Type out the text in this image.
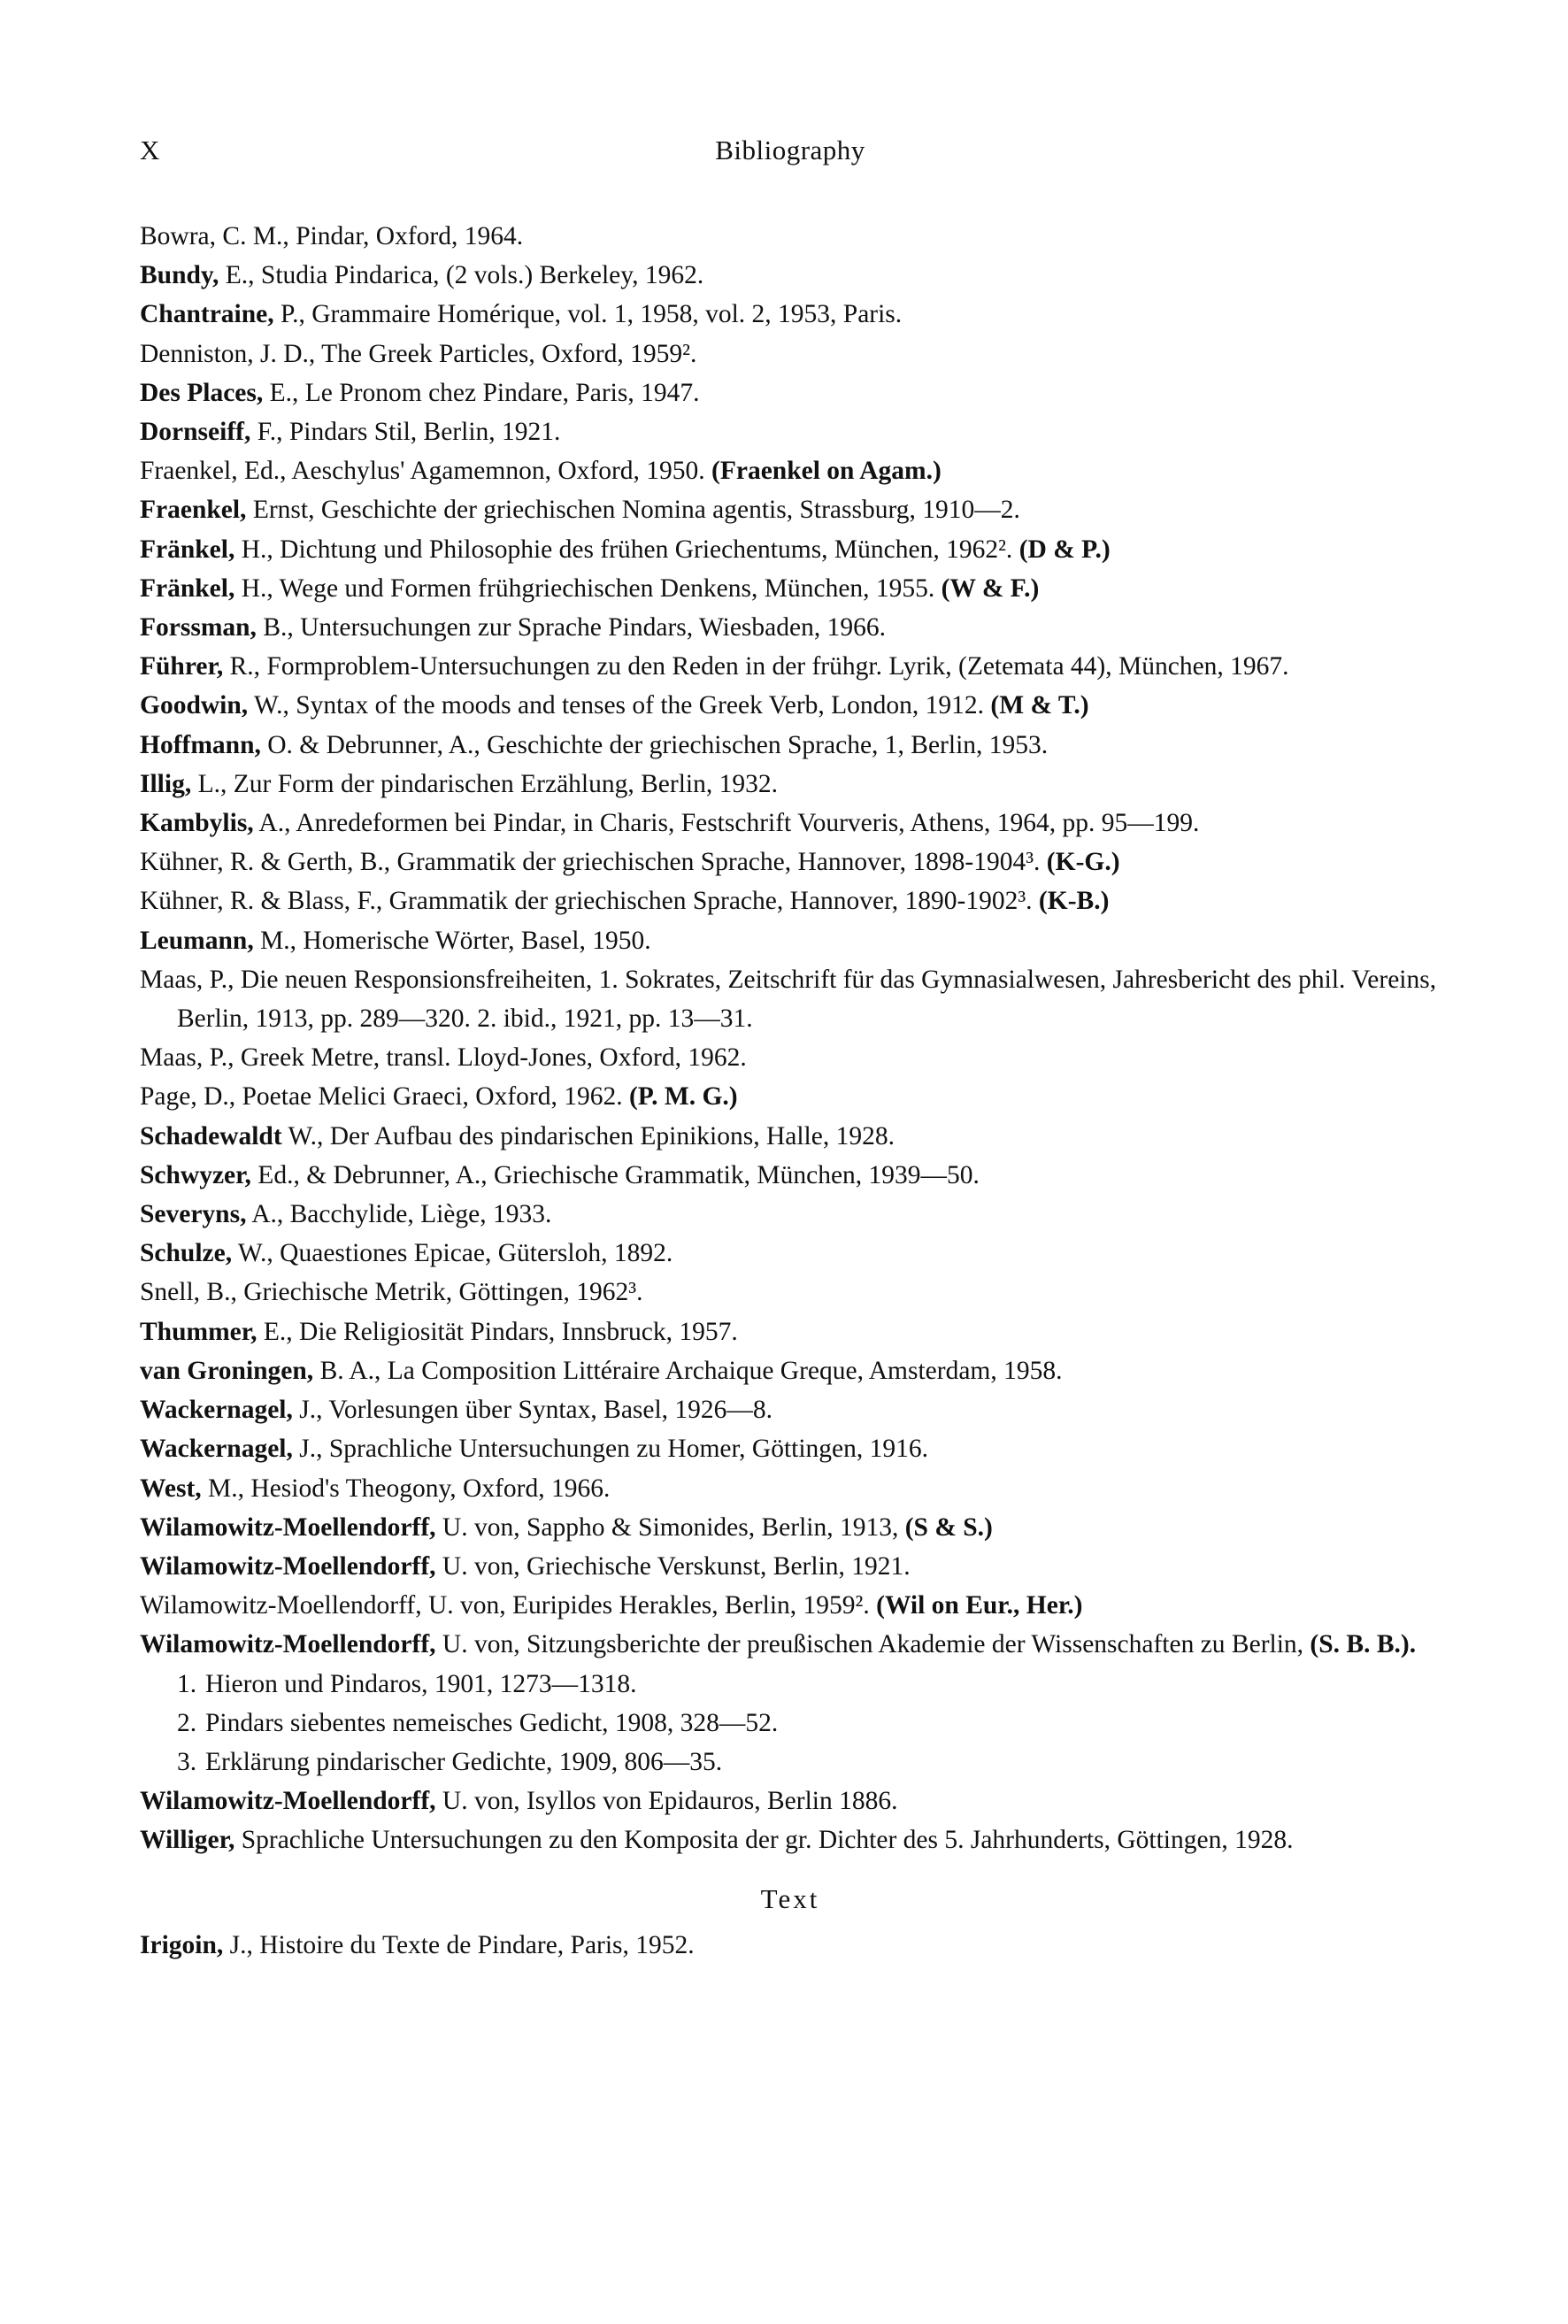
X	Bibliography
Bowra, C. M., Pindar, Oxford, 1964.
Bundy, E., Studia Pindarica, (2 vols.) Berkeley, 1962.
Chantraine, P., Grammaire Homérique, vol. 1, 1958, vol. 2, 1953, Paris.
Denniston, J. D., The Greek Particles, Oxford, 1959².
Des Places, E., Le Pronom chez Pindare, Paris, 1947.
Dornseiff, F., Pindars Stil, Berlin, 1921.
Fraenkel, Ed., Aeschylus' Agamemnon, Oxford, 1950. (Fraenkel on Agam.)
Fraenkel, Ernst, Geschichte der griechischen Nomina agentis, Strassburg, 1910—2.
Fränkel, H., Dichtung und Philosophie des frühen Griechentums, München, 1962². (D & P.)
Fränkel, H., Wege und Formen frühgriechischen Denkens, München, 1955. (W & F.)
Forssman, B., Untersuchungen zur Sprache Pindars, Wiesbaden, 1966.
Führer, R., Formproblem-Untersuchungen zu den Reden in der frühgr. Lyrik, (Zetemata 44), München, 1967.
Goodwin, W., Syntax of the moods and tenses of the Greek Verb, London, 1912. (M & T.)
Hoffmann, O. & Debrunner, A., Geschichte der griechischen Sprache, 1, Berlin, 1953.
Illig, L., Zur Form der pindarischen Erzählung, Berlin, 1932.
Kambylis, A., Anredeformen bei Pindar, in Charis, Festschrift Vourveris, Athens, 1964, pp. 95—199.
Kühner, R. & Gerth, B., Grammatik der griechischen Sprache, Hannover, 1898-1904³. (K-G.)
Kühner, R. & Blass, F., Grammatik der griechischen Sprache, Hannover, 1890-1902³. (K-B.)
Leumann, M., Homerische Wörter, Basel, 1950.
Maas, P., Die neuen Responsionsfreiheiten, 1. Sokrates, Zeitschrift für das Gymnasialwesen, Jahresbericht des phil. Vereins, Berlin, 1913, pp. 289—320. 2. ibid., 1921, pp. 13—31.
Maas, P., Greek Metre, transl. Lloyd-Jones, Oxford, 1962.
Page, D., Poetae Melici Graeci, Oxford, 1962. (P. M. G.)
Schadewaldt W., Der Aufbau des pindarischen Epinikions, Halle, 1928.
Schwyzer, Ed., & Debrunner, A., Griechische Grammatik, München, 1939—50.
Severyns, A., Bacchylide, Liège, 1933.
Schulze, W., Quaestiones Epicae, Gütersloh, 1892.
Snell, B., Griechische Metrik, Göttingen, 1962³.
Thummer, E., Die Religiosität Pindars, Innsbruck, 1957.
van Groningen, B. A., La Composition Littéraire Archaique Greque, Amsterdam, 1958.
Wackernagel, J., Vorlesungen über Syntax, Basel, 1926—8.
Wackernagel, J., Sprachliche Untersuchungen zu Homer, Göttingen, 1916.
West, M., Hesiod's Theogony, Oxford, 1966.
Wilamowitz-Moellendorff, U. von, Sappho & Simonides, Berlin, 1913, (S & S.)
Wilamowitz-Moellendorff, U. von, Griechische Verskunst, Berlin, 1921.
Wilamowitz-Moellendorff, U. von, Euripides Herakles, Berlin, 1959². (Wil on Eur., Her.)
Wilamowitz-Moellendorff, U. von, Sitzungsberichte der preußischen Akademie der Wissenschaften zu Berlin, (S. B. B.).
1. Hieron und Pindaros, 1901, 1273—1318.
2. Pindars siebentes nemeisches Gedicht, 1908, 328—52.
3. Erklärung pindarischer Gedichte, 1909, 806—35.
Wilamowitz-Moellendorff, U. von, Isyllos von Epidauros, Berlin 1886.
Williger, Sprachliche Untersuchungen zu den Komposita der gr. Dichter des 5. Jahrhunderts, Göttingen, 1928.
Text
Irigoin, J., Histoire du Texte de Pindare, Paris, 1952.
